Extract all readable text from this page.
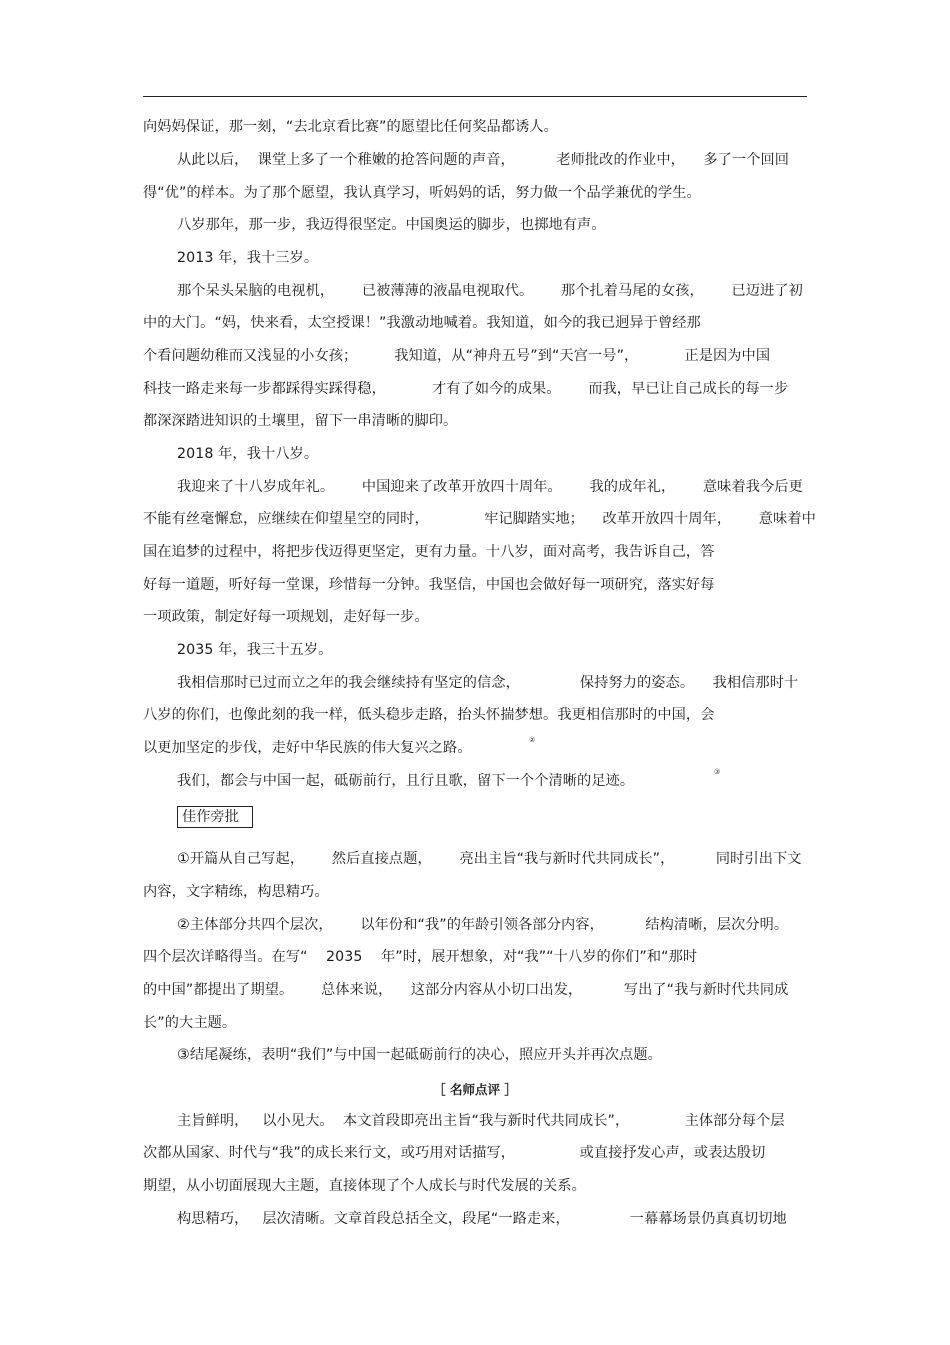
向妈妈保证，那一刻，“去北京看比赛”的愿望比任何奖品都诱人。
从此以后，  课堂上多了一个稚嫩的抢答问题的声音，         老师批改的作业中，    多了一个回回
得“优”的样本。为了那个愿望，我认真学习，听妈妈的话，努力做一个品学兼优的学生。
八岁那年，那一步，我迈得很坚定。中国奥运的脚步，也掷地有声。
2013 年，我十三岁。
那个呆头呆脑的电视机，      已被薄薄的液晶电视取代。      那个扎着马尾的女孩，      已迈进了初
中的大门。“妈，快来看，太空授课！”我激动地喊着。我知道，如今的我已迥异于曾经那
个看问题幼稚而又浅显的小女孩；        我知道，从“神舟五号”到“天宫一号”，          正是因为中国
科技一路走来每一步都踩得实踩得稳，          才有了如今的成果。      而我，早已让自己成长的每一步
都深深踏进知识的土壤里，留下一串清晰的脚印。
2018 年，我十八岁。
我迎来了十八岁成年礼。      中国迎来了改革开放四十周年。      我的成年礼，      意味着我今后更
不能有丝毫懈怠，应继续在仰望星空的同时，            牢记脚踏实地；    改革开放四十周年，      意味着中
国在追梦的过程中，将把步伐迈得更坚定，更有力量。十八岁，面对高考，我告诉自己，答
好每一道题，听好每一堂课，珍惜每一分钟。我坚信，中国也会做好每一项研究，落实好每
一项政策，制定好每一项规划，走好每一步。
2035 年，我三十五岁。
我相信那时已过而立之年的我会继续持有坚定的信念，             保持努力的姿态。    我相信那时十
八岁的你们，也像此刻的我一样，低头稳步走路，抬头怀揣梦想。我更相信那时的中国，会
以更加坚定的步伐，走好中华民族的伟大复兴之路。	②
我们，都会与中国一起，砥砺前行，且行且歌，留下一个个清晰的足迹。
③
佳作旁批
①开篇从自己写起，      然后直接点题，      亮出主旨“我与新时代共同成长”，         同时引出下文
内容，文字精练，构思精巧。
②主体部分共四个层次，      以年份和“我”的年龄引领各部分内容，         结构清晰，层次分明。
四个层次详略得当。在写“    2035    年”时，展开想象，对“我”“十八岁的你们”和“那时
的中国”都提出了期望。      总体来说，    这部分内容从小切口出发，         写出了“我与新时代共同成
长”的大主题。
③结尾凝练，表明“我们”与中国一起砥砺前行的决心，照应开头并再次点题。
［ 名师点评 ］
主旨鲜明，   以小见大。  本文首段即亮出主旨“我与新时代共同成长”，            主体部分每个层
次都从国家、时代与“我”的成长来行文，或巧用对话描写，              或直接抒发心声，或表达殷切
期望，从小切面展现大主题，直接体现了个人成长与时代发展的关系。
构思精巧，   层次清晰。文章首段总括全文，段尾“一路走来，             一幕幕场景仍真真切切地
